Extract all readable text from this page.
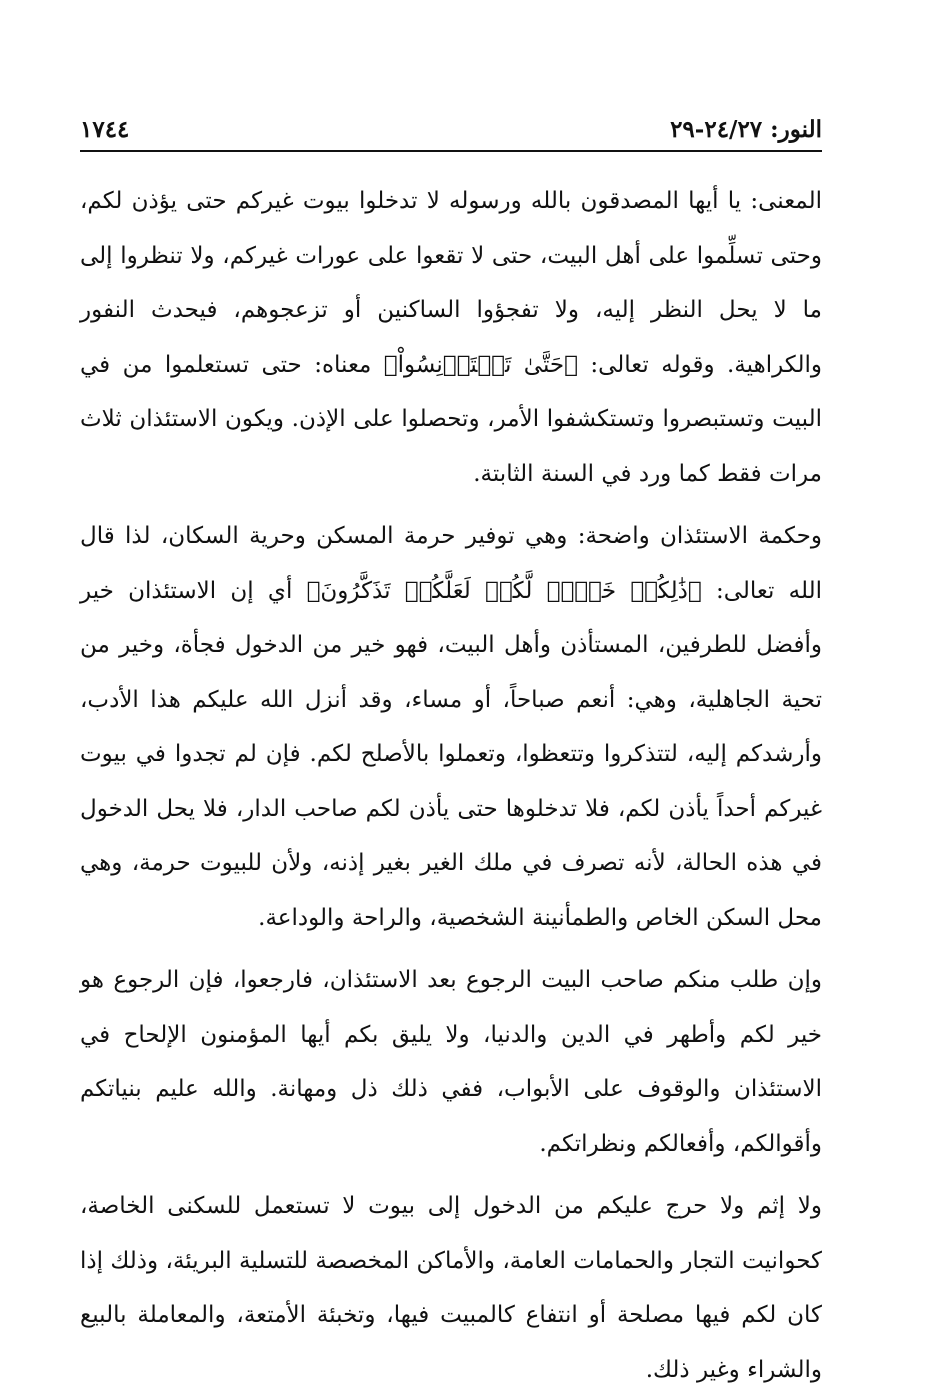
النور: ٢٤/٢٧-٢٩
١٧٤٤

المعنى: يا أيها المصدقون بالله ورسوله لا تدخلوا بيوت غيركم حتى يؤذن لكم، وحتى تسلِّموا على أهل البيت، حتى لا تقعوا على عورات غيركم، ولا تنظروا إلى ما لا يحل النظر إليه، ولا تفجؤوا الساكنين أو تزعجوهم، فيحدث النفور والكراهية. وقوله تعالى: ﴿حَتَّىٰ تَسۡتَأۡنِسُواْ﴾ معناه: حتى تستعلموا من في البيت وتستبصروا وتستكشفوا الأمر، وتحصلوا على الإذن. ويكون الاستئذان ثلاث مرات فقط كما ورد في السنة الثابتة.

وحكمة الاستئذان واضحة: وهي توفير حرمة المسكن وحرية السكان، لذا قال الله تعالى: ﴿ذَٰلِكُمۡ خَيۡرٞ لَّكُمۡ لَعَلَّكُمۡ تَذَكَّرُونَ﴾ أي إن الاستئذان خير وأفضل للطرفين، المستأذن وأهل البيت، فهو خير من الدخول فجأة، وخير من تحية الجاهلية، وهي: أنعم صباحاً، أو مساء، وقد أنزل الله عليكم هذا الأدب، وأرشدكم إليه، لتتذكروا وتتعظوا، وتعملوا بالأصلح لكم. فإن لم تجدوا في بيوت غيركم أحداً يأذن لكم، فلا تدخلوها حتى يأذن لكم صاحب الدار، فلا يحل الدخول في هذه الحالة، لأنه تصرف في ملك الغير بغير إذنه، ولأن للبيوت حرمة، وهي محل السكن الخاص والطمأنينة الشخصية، والراحة والوداعة.

وإن طلب منكم صاحب البيت الرجوع بعد الاستئذان، فارجعوا، فإن الرجوع هو خير لكم وأطهر في الدين والدنيا، ولا يليق بكم أيها المؤمنون الإلحاح في الاستئذان والوقوف على الأبواب، ففي ذلك ذل ومهانة. والله عليم بنياتكم وأقوالكم، وأفعالكم ونظراتكم.

ولا إثم ولا حرج عليكم من الدخول إلى بيوت لا تستعمل للسكنى الخاصة، كحوانيت التجار والحمامات العامة، والأماكن المخصصة للتسلية البريئة، وذلك إذا كان لكم فيها مصلحة أو انتفاع كالمبيت فيها، وتخبئة الأمتعة، والمعاملة بالبيع والشراء وغير ذلك.
